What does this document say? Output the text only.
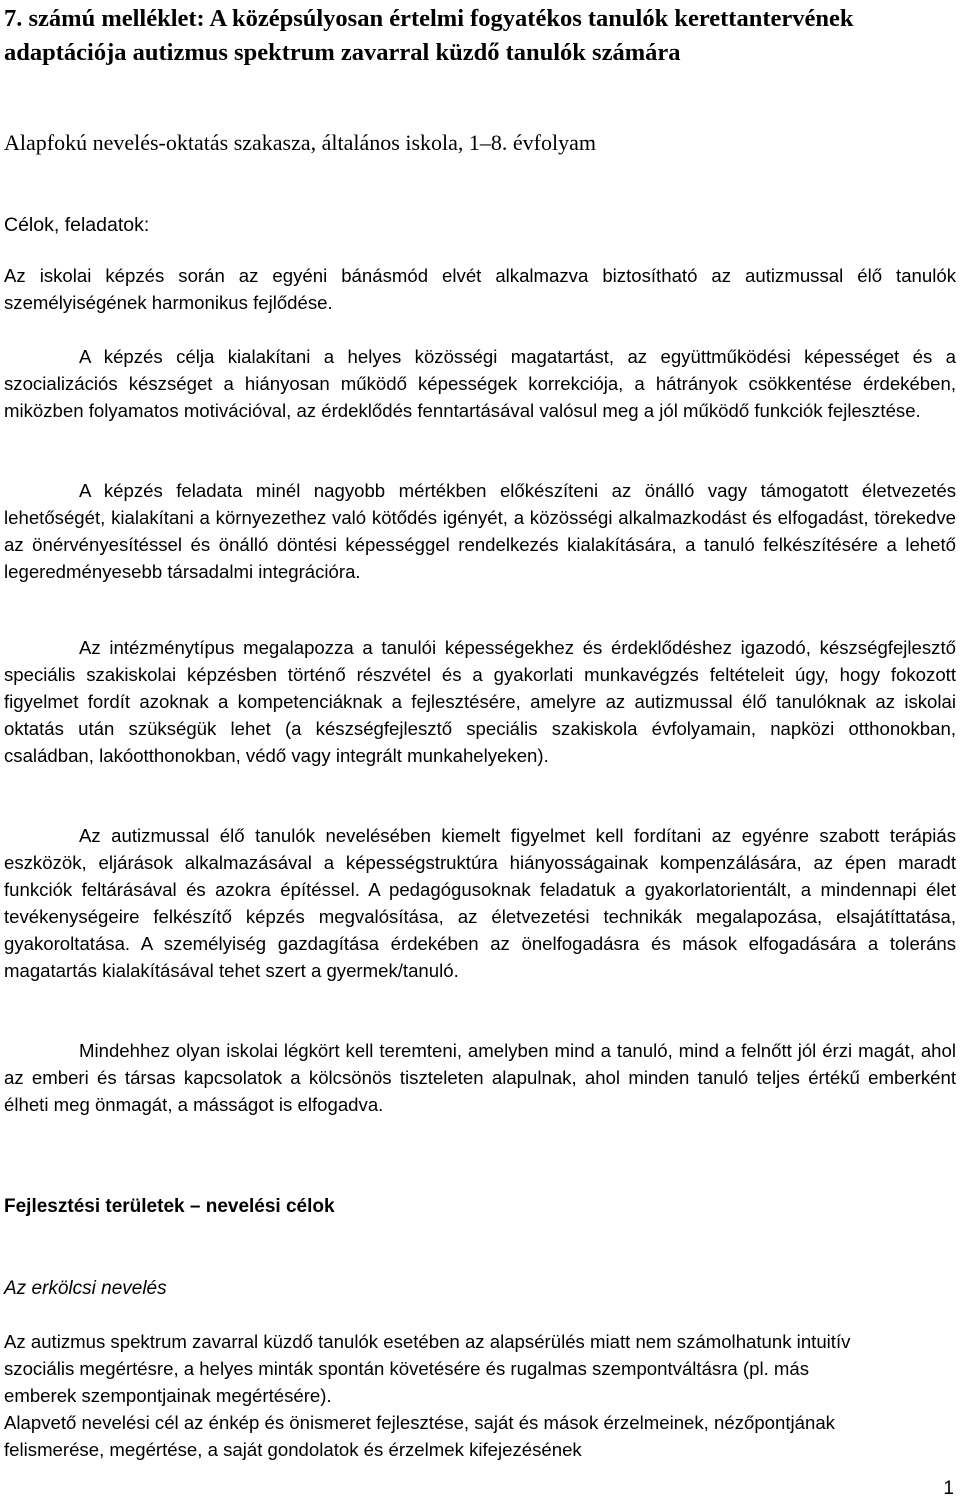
7. számú melléklet: A középsúlyosan értelmi fogyatékos tanulók kerettantervének adaptációja autizmus spektrum zavarral küzdő tanulók számára
Alapfokú nevelés-oktatás szakasza, általános iskola, 1–8. évfolyam
Célok, feladatok:

Az iskolai képzés során az egyéni bánásmód elvét alkalmazva biztosítható az autizmussal élő tanulók személyiségének harmonikus fejlődése.

A képzés célja kialakítani a helyes közösségi magatartást, az együttműködési képességet és a szocializációs készséget a hiányosan működő képességek korrekciója, a hátrányok csökkentése érdekében, miközben folyamatos motivációval, az érdeklődés fenntartásával valósul meg a jól működő funkciók fejlesztése.

A képzés feladata minél nagyobb mértékben előkészíteni az önálló vagy támogatott életvezetés lehetőségét, kialakítani a környezethez való kötődés igényét, a közösségi alkalmazkodást és elfogadást, törekedve az önérvényesítéssel és önálló döntési képességgel rendelkezés kialakítására, a tanuló felkészítésére a lehető legeredményesebb társadalmi integrációra.

Az intézménytípus megalapozza a tanulói képességekhez és érdeklődéshez igazodó, készségfejlesztő speciális szakiskolai képzésben történő részvétel és a gyakorlati munkavégzés feltételeit úgy, hogy fokozott figyelmet fordít azoknak a kompetenciáknak a fejlesztésére, amelyre az autizmussal élő tanulóknak az iskolai oktatás után szükségük lehet (a készségfejlesztő speciális szakiskola évfolyamain, napközi otthonokban, családban, lakóotthonokban, védő vagy integrált munkahelyeken).

Az autizmussal élő tanulók nevelésében kiemelt figyelmet kell fordítani az egyénre szabott terápiás eszközök, eljárások alkalmazásával a képességstruktúra hiányosságainak kompenzálására, az épen maradt funkciók feltárásával és azokra építéssel. A pedagógusoknak feladatuk a gyakorlatorientált, a mindennapi élet tevékenységeire felkészítő képzés megvalósítása, az életvezetési technikák megalapozása, elsajátíttatása, gyakoroltatása. A személyiség gazdagítása érdekében az önelfogadásra és mások elfogadására a toleráns magatartás kialakításával tehet szert a gyermek/tanuló.

Mindehhez olyan iskolai légkört kell teremteni, amelyben mind a tanuló, mind a felnőtt jól érzi magát, ahol az emberi és társas kapcsolatok a kölcsönös tiszteleten alapulnak, ahol minden tanuló teljes értékű emberként élheti meg önmagát, a másságot is elfogadva.

Fejlesztési területek – nevelési célok
Az erkölcsi nevelés

Az autizmus spektrum zavarral küzdő tanulók esetében az alapsérülés miatt nem számolhatunk intuitív szociális megértésre, a helyes minták spontán követésére és rugalmas szempontváltásra (pl. más emberek szempontjainak megértésére).

Alapvető nevelési cél az énkép és önismeret fejlesztése, saját és mások érzelmeinek, nézőpontjának felismerése, megértése, a saját gondolatok és érzelmek kifejezésének

1
